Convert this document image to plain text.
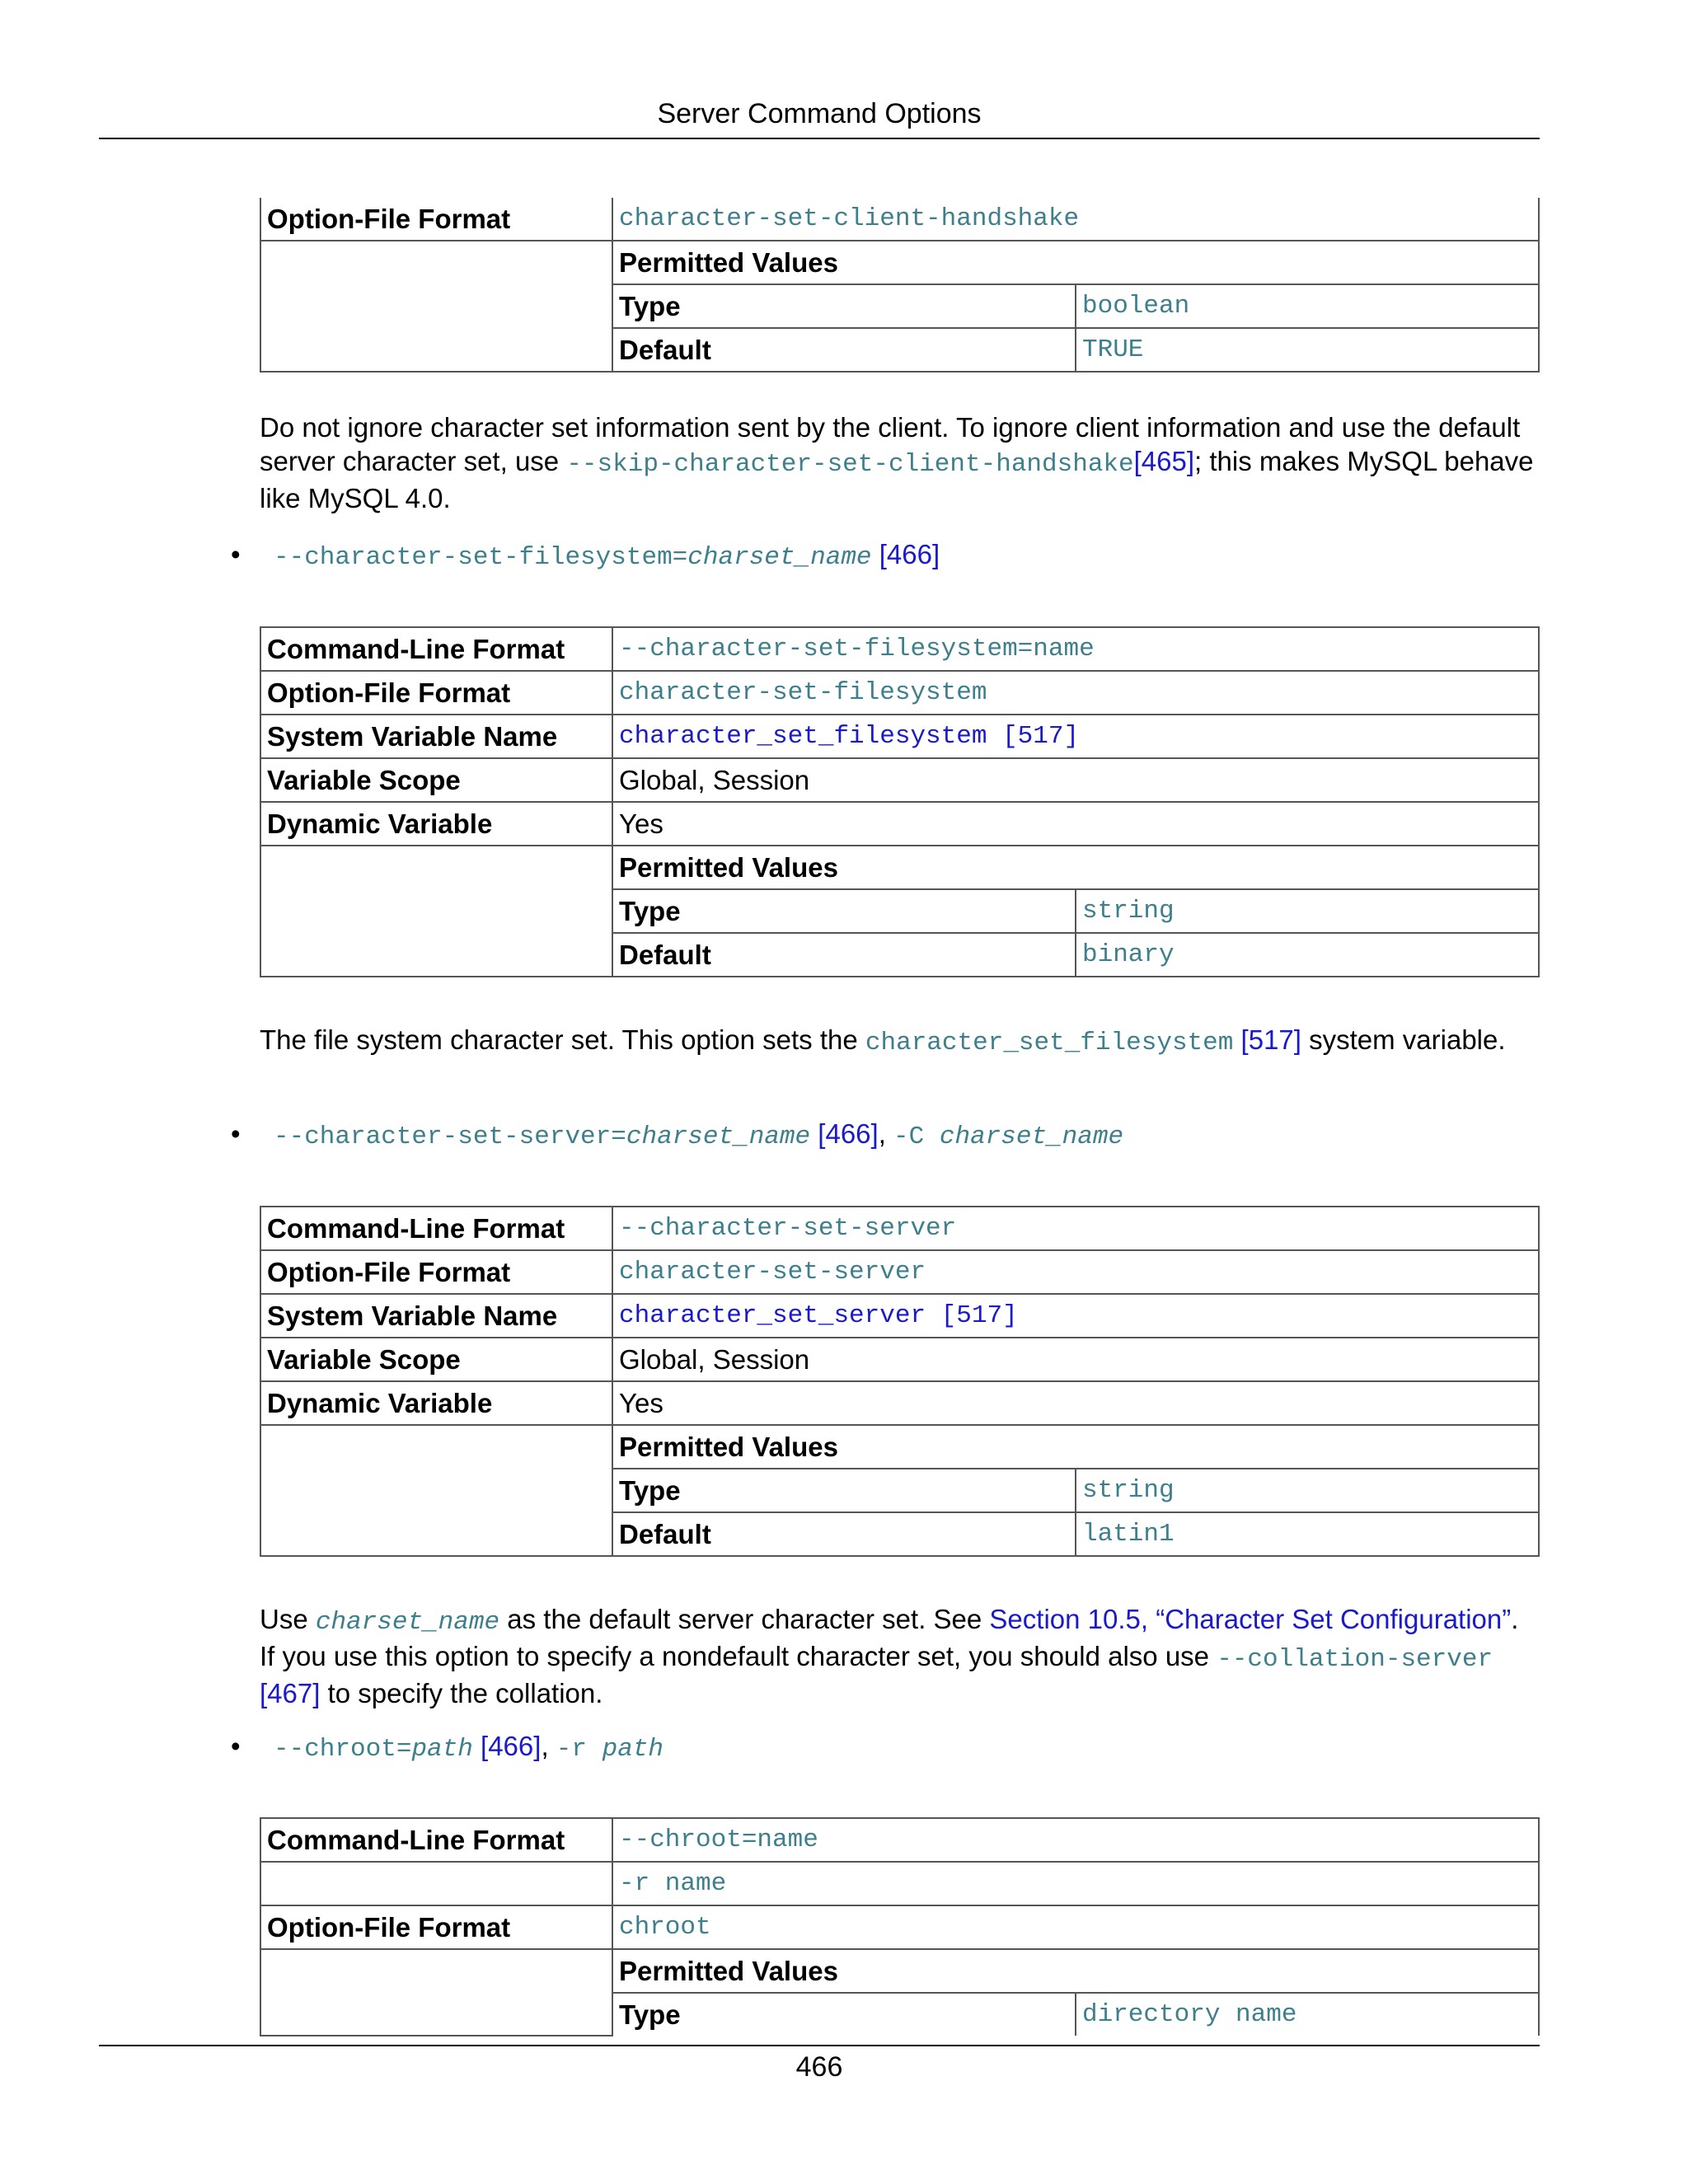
Server Command Options
Option-File Format	character-set-client-handshake	
	Permitted Values	
	Type	boolean
	Default	TRUE
Do not ignore character set information sent by the client. To ignore client information and use the default server character set, use --skip-character-set-client-handshake[465]; this makes MySQL behave like MySQL 4.0.
• --character-set-filesystem=charset_name [466]
Command-Line Format	--character-set-filesystem=name	
Option-File Format	character-set-filesystem	
System Variable Name	character_set_filesystem [517]	
Variable Scope	Global, Session	
Dynamic Variable	Yes	
	Permitted Values	
	Type	string
	Default	binary
The file system character set. This option sets the character_set_filesystem [517] system variable.
• --character-set-server=charset_name [466], -C charset_name
Command-Line Format	--character-set-server	
Option-File Format	character-set-server	
System Variable Name	character_set_server [517]	
Variable Scope	Global, Session	
Dynamic Variable	Yes	
	Permitted Values	
	Type	string
	Default	latin1
Use charset_name as the default server character set. See Section 10.5, “Character Set Configuration”. If you use this option to specify a nondefault character set, you should also use --collation-server [467] to specify the collation.
• --chroot=path [466], -r path
Command-Line Format	--chroot=name	
	-r name	
Option-File Format	chroot	
	Permitted Values	
	Type	directory name
466
